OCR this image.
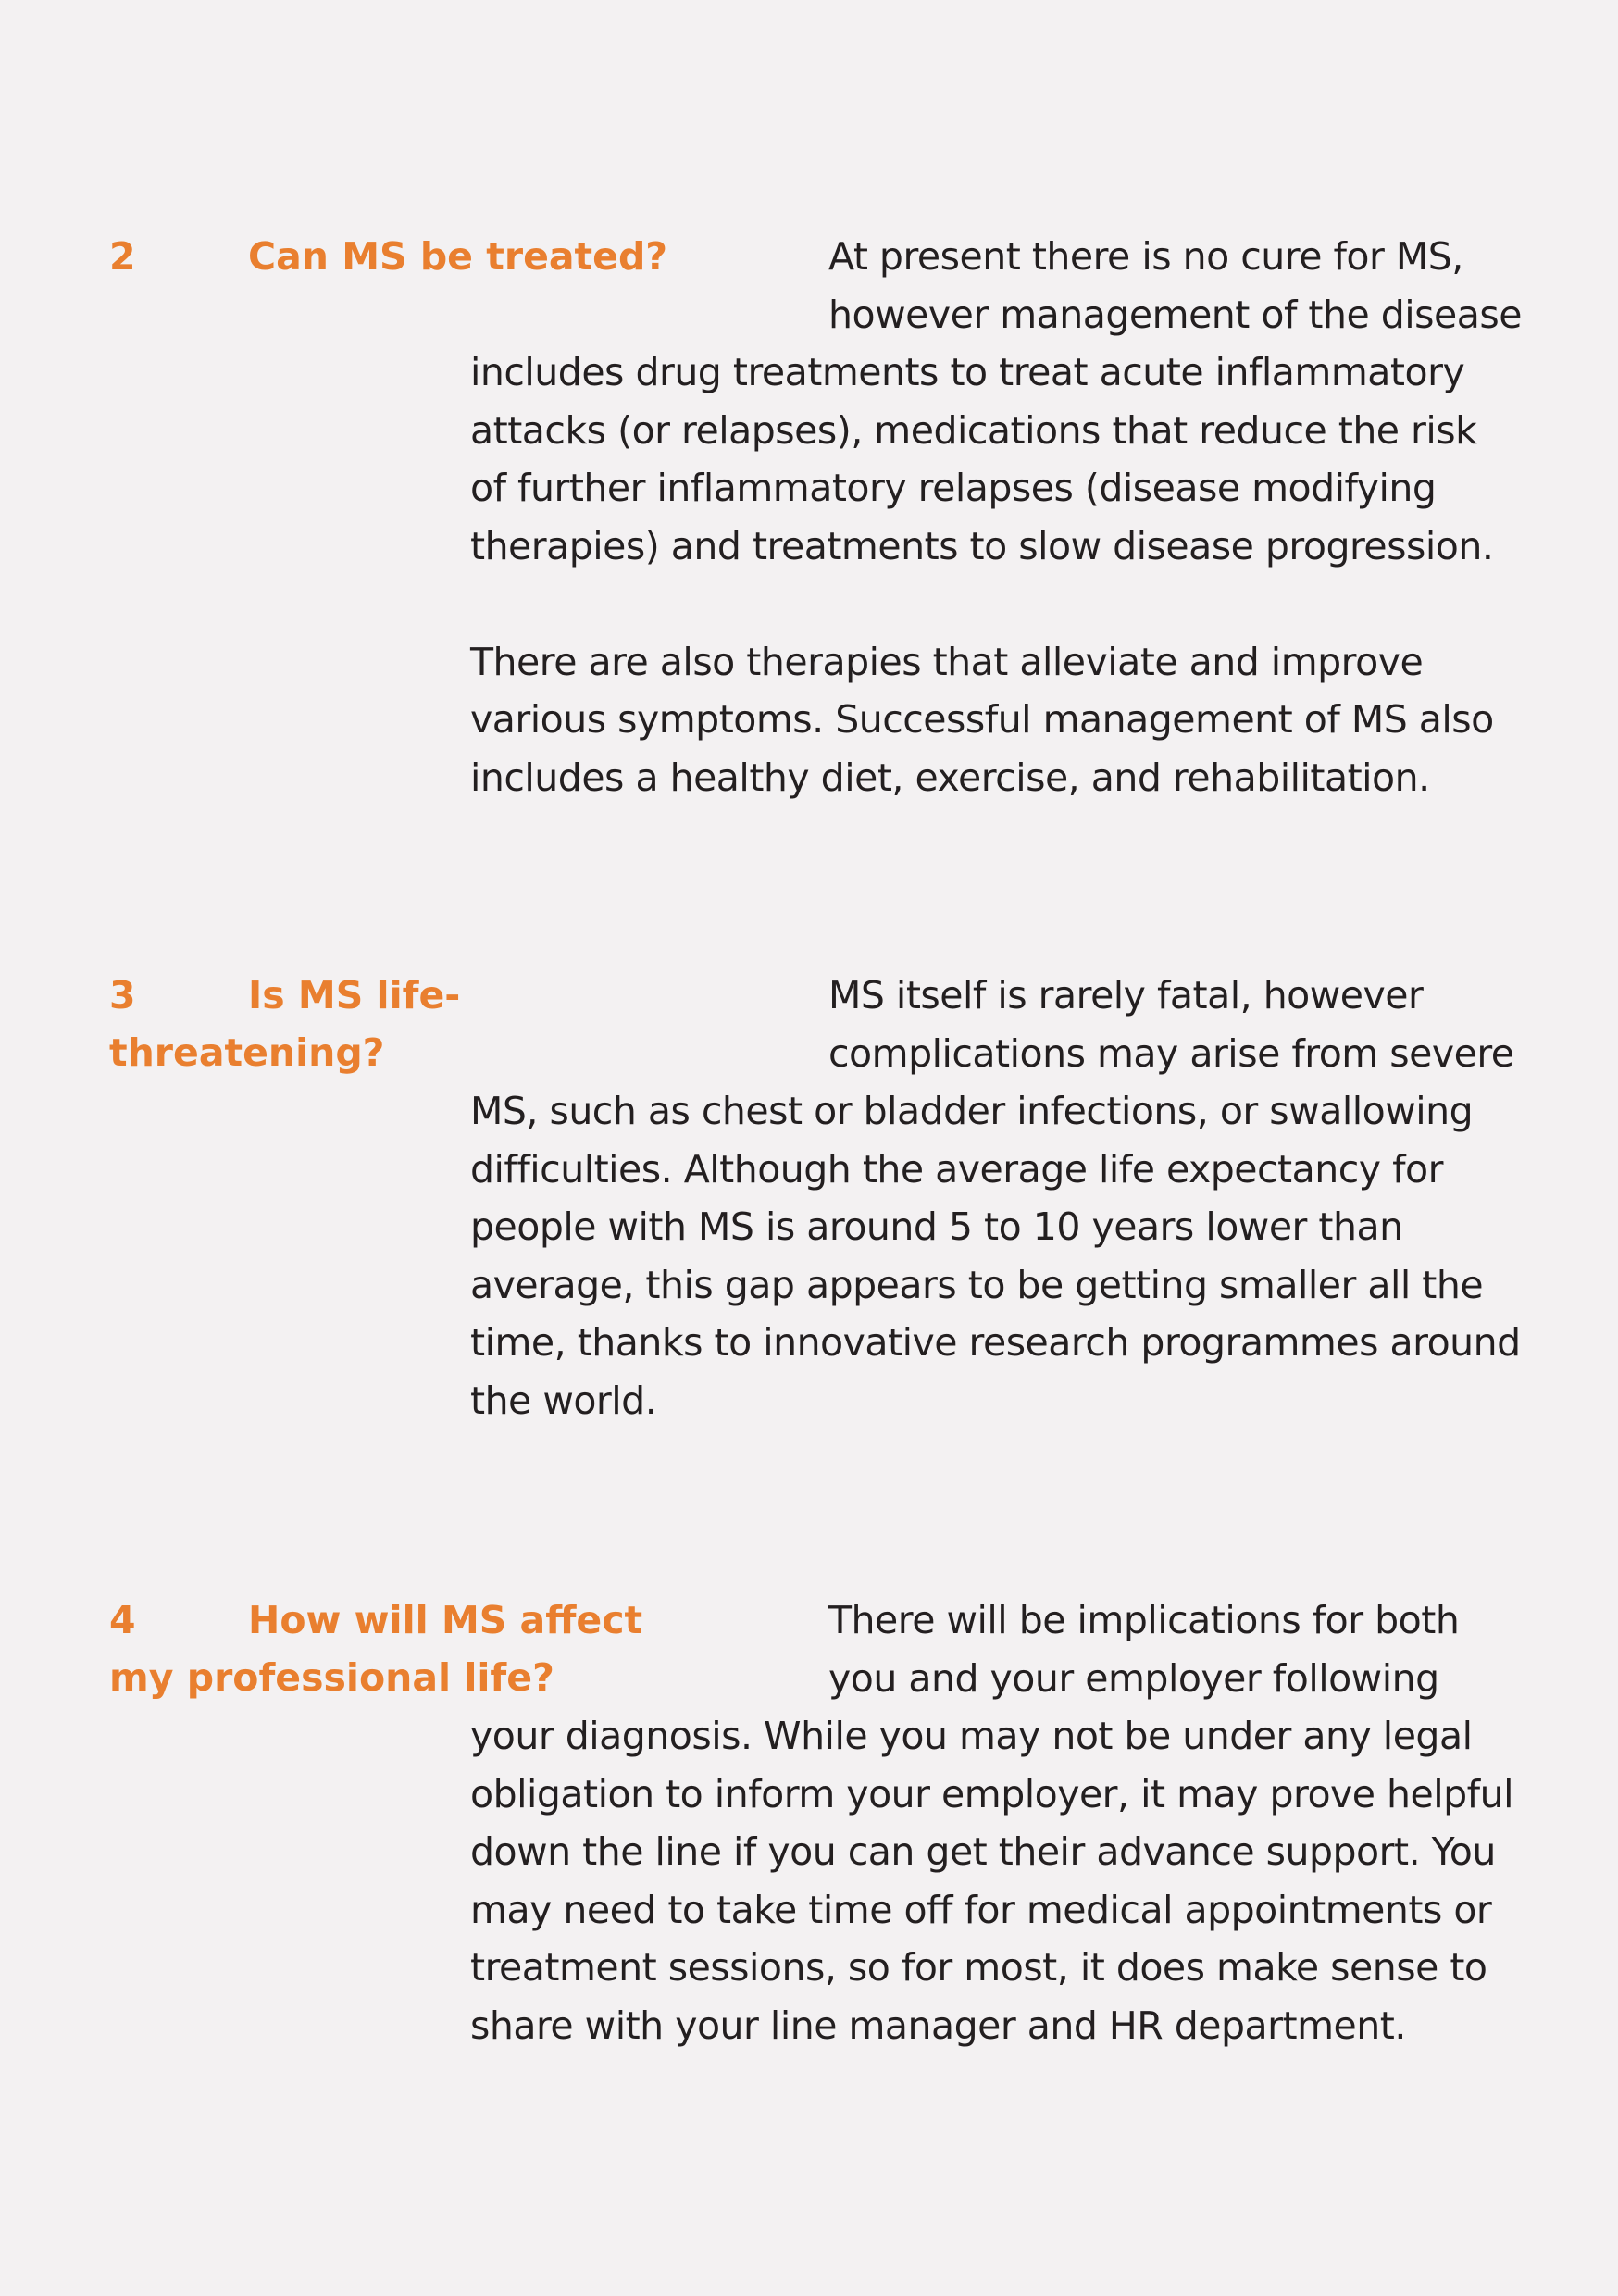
2	Can MS be treated?	At present there is no cure for MS,
however management of the disease
includes drug treatments to treat acute inflammatory
attacks (or relapses), medications that reduce the risk
of further inflammatory relapses (disease modifying
therapies) and treatments to slow disease progression.
There are also therapies that alleviate and improve
various symptoms. Successful management of MS also
includes a healthy diet, exercise, and rehabilitation.

3	Is MS life-threatening?

MS itself is rarely fatal, however
complications may arise from severe
MS, such as chest or bladder infections, or swallowing
difficulties. Although the average life expectancy for
people with MS is around 5 to 10 years lower than
average, this gap appears to be getting smaller all the
time, thanks to innovative research programmes around
the world.

4	How will MS affect my professional life?

There will be implications for both
you and your employer following
your diagnosis. While you may not be under any legal
obligation to inform your employer, it may prove helpful
down the line if you can get their advance support. You
may need to take time off for medical appointments or
treatment sessions, so for most, it does make sense to
share with your line manager and HR department.
